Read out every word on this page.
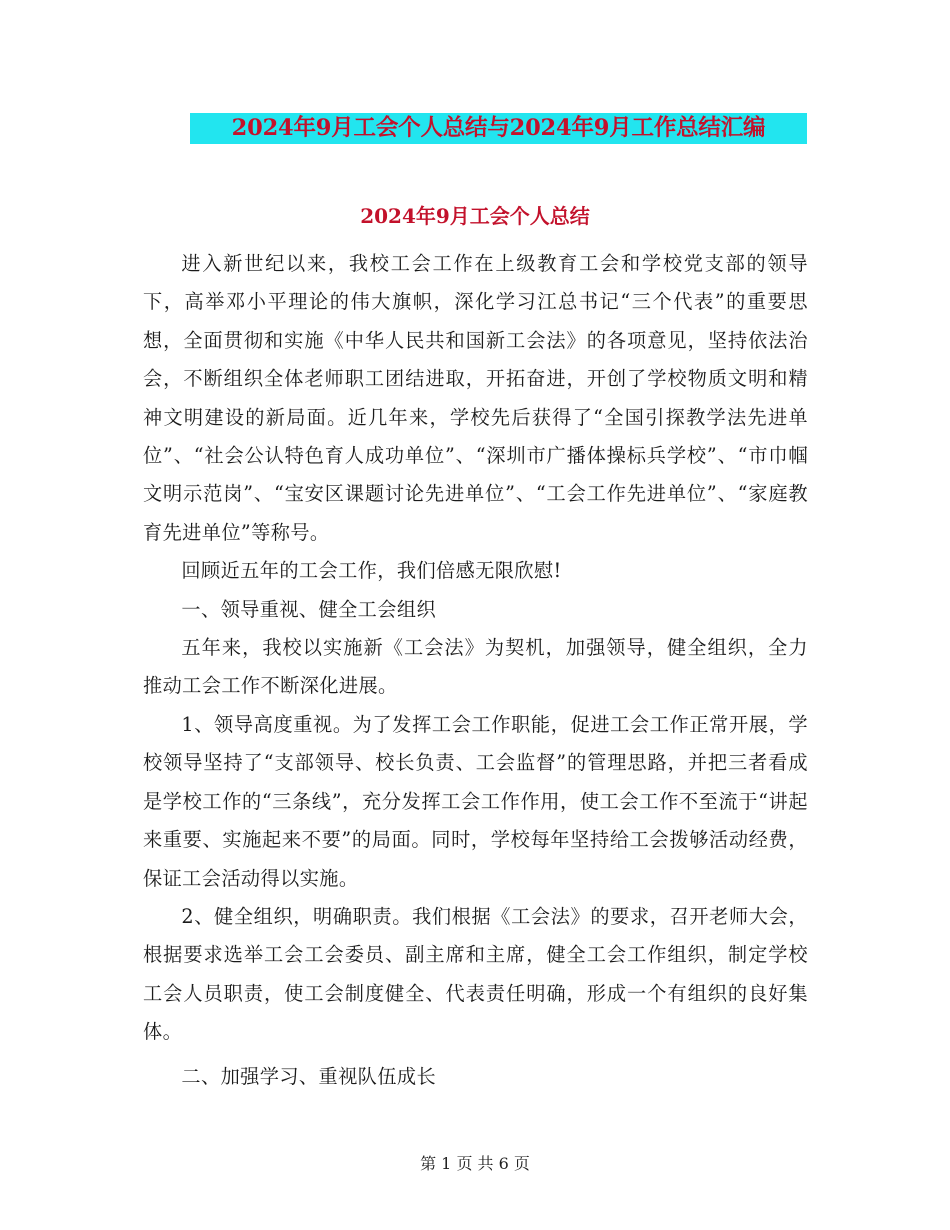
2024年9月工会个人总结与2024年9月工作总结汇编
2024年9月工会个人总结

进入新世纪以来，我校工会工作在上级教育工会和学校党支部的领导下，高举邓小平理论的伟大旗帜，深化学习江总书记“三个代表”的重要思想，全面贯彻和实施《中华人民共和国新工会法》的各项意见，坚持依法治会，不断组织全体老师职工团结进取，开拓奋进，开创了学校物质文明和精神文明建设的新局面。近几年来，学校先后获得了“全国引探教学法先进单位”、“社会公认特色育人成功单位”、“深圳市广播体操标兵学校”、“市巾帼文明示范岗”、“宝安区课题讨论先进单位”、“工会工作先进单位”、“家庭教育先进单位”等称号。

回顾近五年的工会工作，我们倍感无限欣慰!

一、领导重视、健全工会组织

五年来，我校以实施新《工会法》为契机，加强领导，健全组织，全力推动工会工作不断深化进展。

1、领导高度重视。为了发挥工会工作职能，促进工会工作正常开展，学校领导坚持了“支部领导、校长负责、工会监督”的管理思路，并把三者看成是学校工作的“三条线”，充分发挥工会工作作用，使工会工作不至流于“讲起来重要、实施起来不要”的局面。同时，学校每年坚持给工会拨够活动经费，保证工会活动得以实施。

2、健全组织，明确职责。我们根据《工会法》的要求，召开老师大会，根据要求选举工会工会委员、副主席和主席，健全工会工作组织，制定学校工会人员职责，使工会制度健全、代表责任明确，形成一个有组织的良好集体。

二、加强学习、重视队伍成长

第 1 页 共 6 页
